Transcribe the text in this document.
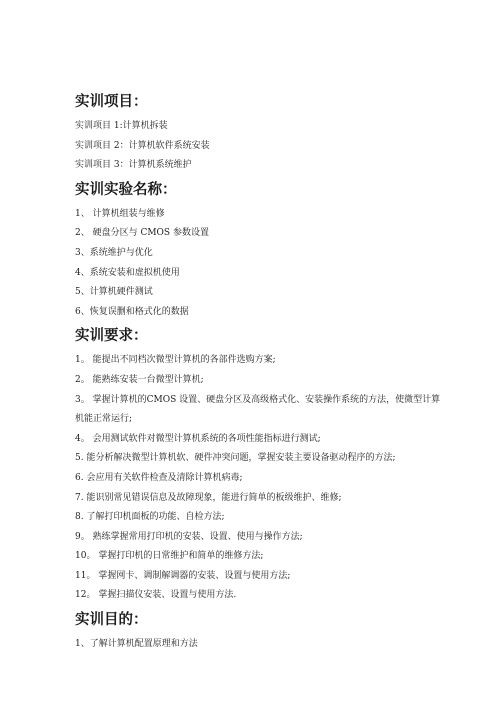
实训项目：
实训项目 1:计算机拆装
实训项目 2：计算机软件系统安装
实训项目 3：计算机系统维护
实训实验名称：
1、 计算机组装与维修
2、 硬盘分区与 CMOS 参数设置
3、系统维护与优化
4、系统安装和虚拟机使用
5、计算机硬件测试
6、恢复误删和格式化的数据
实训要求：
1。 能提出不同档次微型计算机的各部件选购方案;
2。 能熟练安装一台微型计算机;
3。 掌握计算机的CMOS 设置、硬盘分区及高级格式化、安装操作系统的方法，使微型计算
机能正常运行;
4。 会用测试软件对微型计算机系统的各项性能指标进行测试;
5. 能分析解决微型计算机软、硬件冲突问题，掌握安装主要设备驱动程序的方法;
6. 会应用有关软件检查及清除计算机病毒;
7. 能识别常见错误信息及故障现象，能进行简单的板级维护、维修;
8. 了解打印机面板的功能、自检方法;
9。 熟练掌握常用打印机的安装、设置、使用与操作方法;
10。 掌握打印机的日常维护和简单的维修方法;
11。 掌握网卡、调制解调器的安装、设置与使用方法;
12。 掌握扫描仪安装、设置与使用方法.
实训目的：
1、了解计算机配置原理和方法
